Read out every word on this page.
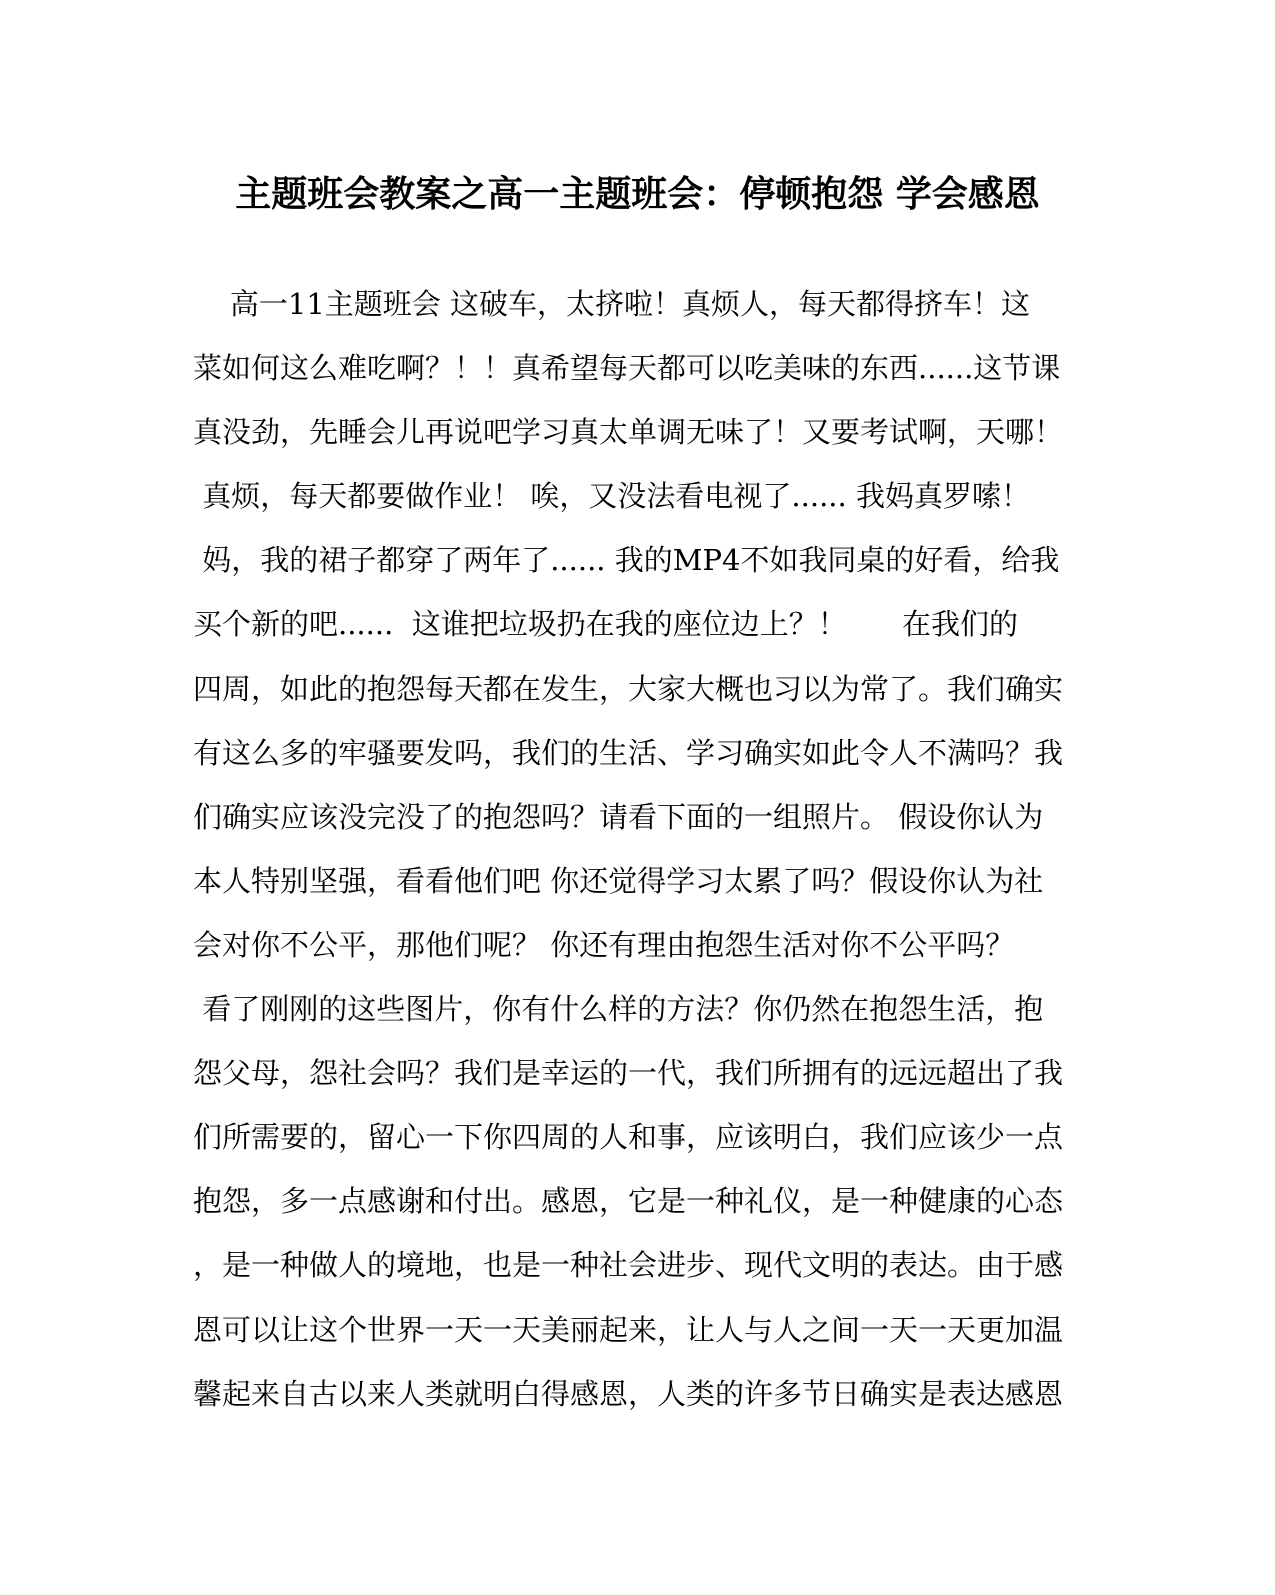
主题班会教案之高一主题班会：停顿抱怨 学会感恩
高一11主题班会 这破车，太挤啦！真烦人，每天都得挤车！这
菜如何这么难吃啊？！！真希望每天都可以吃美味的东西......这节课
真没劲，先睡会儿再说吧学习真太单调无味了！又要考试啊，天哪！
真烦，每天都要做作业！ 唉，又没法看电视了...... 我妈真罗嗦！
妈，我的裙子都穿了两年了...... 我的MP4不如我同桌的好看，给我
买个新的吧......  这谁把垃圾扔在我的座位边上？！      在我们的
四周，如此的抱怨每天都在发生，大家大概也习以为常了。我们确实
有这么多的牢骚要发吗，我们的生活、学习确实如此令人不满吗？我
们确实应该没完没了的抱怨吗？请看下面的一组照片。 假设你认为
本人特别坚强，看看他们吧 你还觉得学习太累了吗？假设你认为社
会对你不公平，那他们呢？ 你还有理由抱怨生活对你不公平吗？
看了刚刚的这些图片，你有什么样的方法？你仍然在抱怨生活，抱
怨父母，怨社会吗？我们是幸运的一代，我们所拥有的远远超出了我
们所需要的，留心一下你四周的人和事，应该明白，我们应该少一点
抱怨，多一点感谢和付出。感恩，它是一种礼仪，是一种健康的心态
，是一种做人的境地，也是一种社会进步、现代文明的表达。由于感
恩可以让这个世界一天一天美丽起来，让人与人之间一天一天更加温
馨起来自古以来人类就明白得感恩，人类的许多节日确实是表达感恩
